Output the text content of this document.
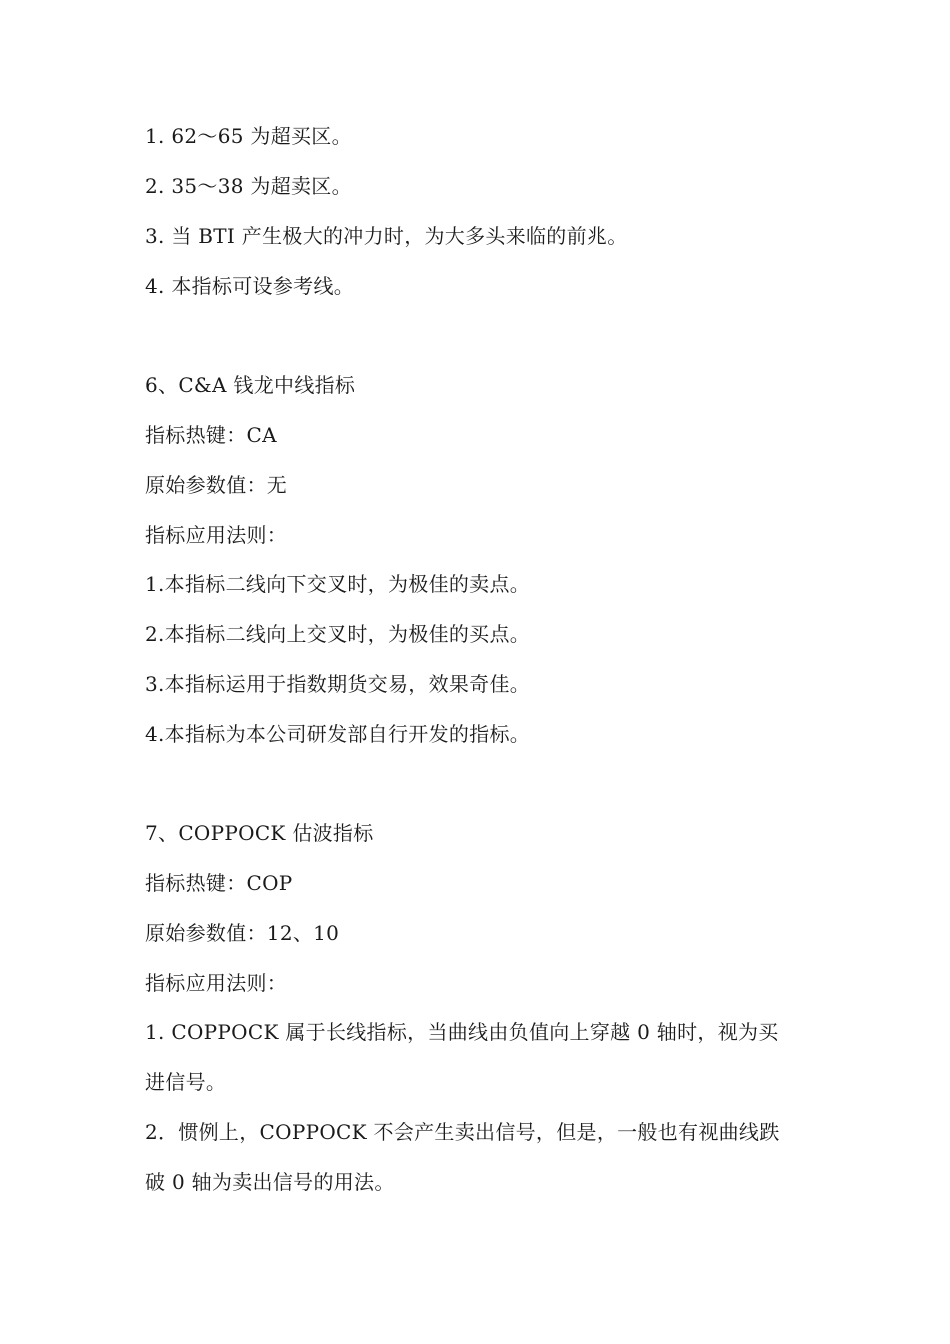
1. 62～65 为超买区。
2. 35～38 为超卖区。
3. 当 BTI 产生极大的冲力时，为大多头来临的前兆。
4. 本指标可设参考线。
6、C&A 钱龙中线指标
指标热键：CA
原始参数值：无
指标应用法则：
1.本指标二线向下交叉时，为极佳的卖点。
2.本指标二线向上交叉时，为极佳的买点。
3.本指标运用于指数期货交易，效果奇佳。
4.本指标为本公司研发部自行开发的指标。
7、COPPOCK 估波指标
指标热键：COP
原始参数值：12、10
指标应用法则：
1. COPPOCK 属于长线指标，当曲线由负值向上穿越 0 轴时，视为买
进信号。
2．惯例上，COPPOCK 不会产生卖出信号，但是，一般也有视曲线跌
破 0 轴为卖出信号的用法。
